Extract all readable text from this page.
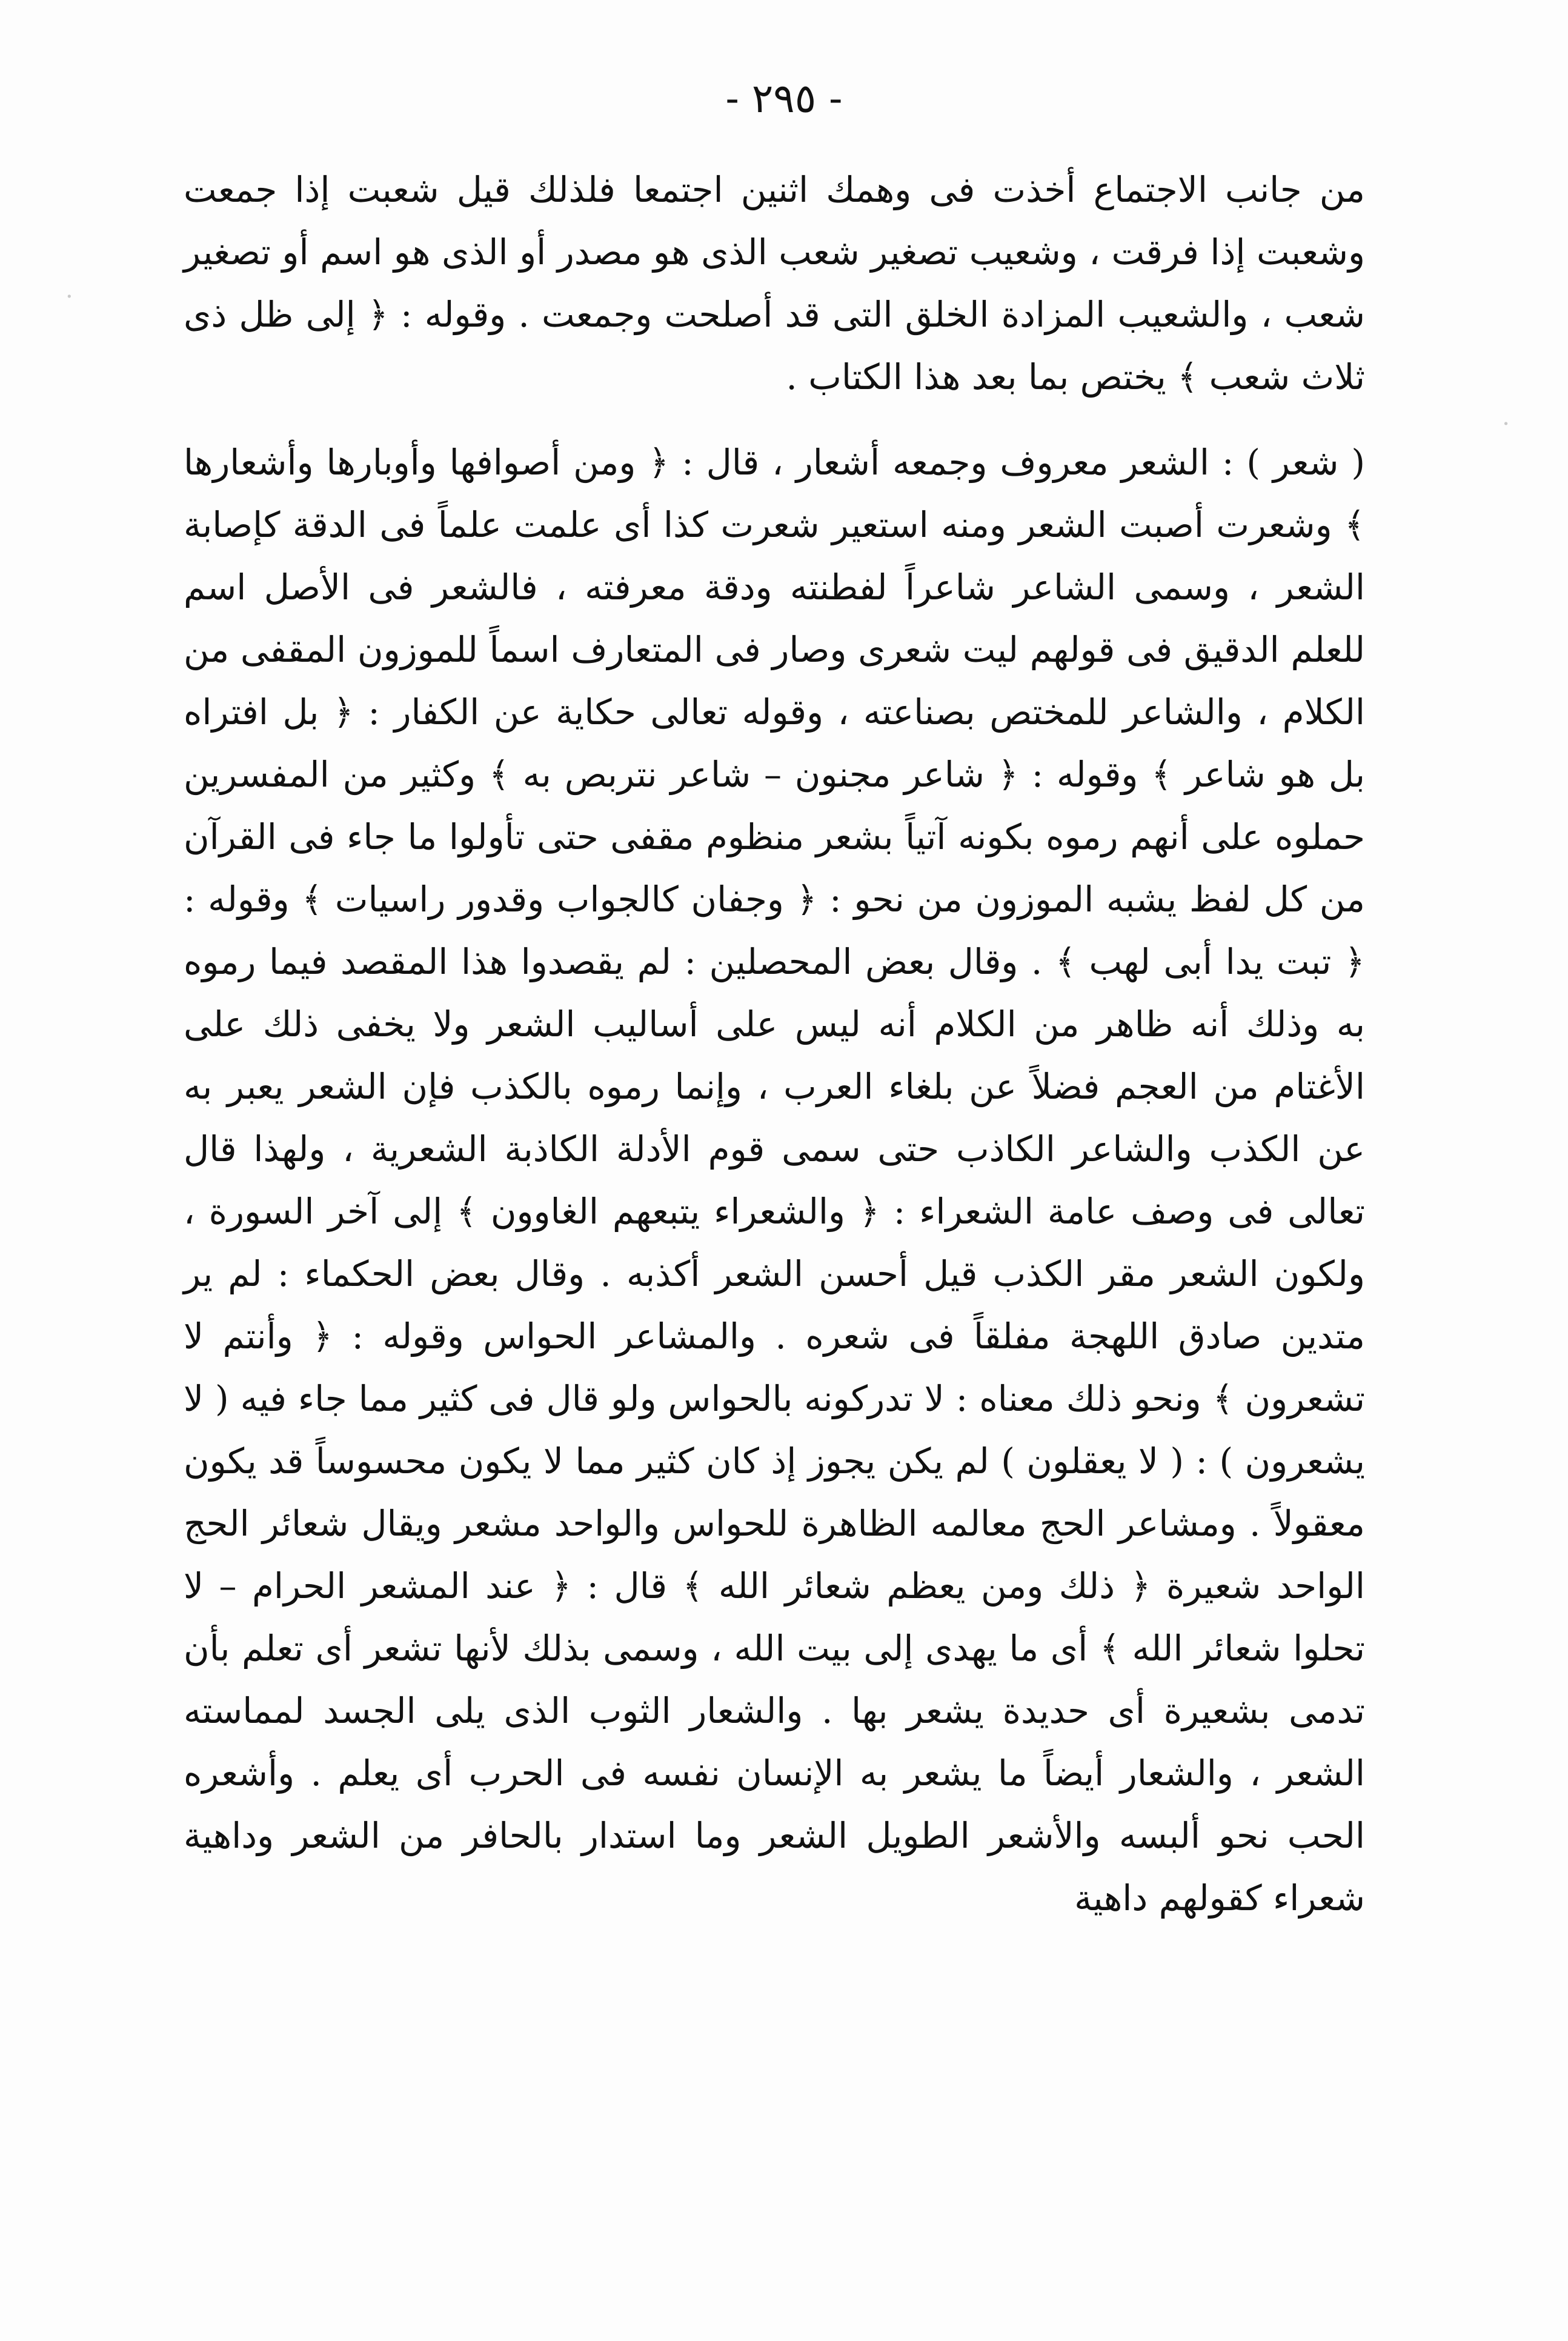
- ٢٩٥ -

من جانب الاجتماع أخذت فى وهمك اثنين اجتمعا فلذلك قيل شعبت إذا جمعت وشعبت إذا فرقت ، وشعيب تصغير شعب الذى هو مصدر أو الذى هو اسم أو تصغير شعب ، والشعيب المزادة الخلق التى قد أصلحت وجمعت . وقوله : ﴿ إلى ظل ذى ثلاث شعب ﴾ يختص بما بعد هذا الكتاب .

( شعر ) : الشعر معروف وجمعه أشعار ، قال : ﴿ ومن أصوافها وأوبارها وأشعارها ﴾ وشعرت أصبت الشعر ومنه استعير شعرت كذا أى علمت علماً فى الدقة كإصابة الشعر ، وسمى الشاعر شاعراً لفطنته ودقة معرفته ، فالشعر فى الأصل اسم للعلم الدقيق فى قولهم ليت شعرى وصار فى المتعارف اسماً للموزون المقفى من الكلام ، والشاعر للمختص بصناعته ، وقوله تعالى حكاية عن الكفار : ﴿ بل افتراه بل هو شاعر ﴾ وقوله : ﴿ شاعر مجنون – شاعر نتربص به ﴾ وكثير من المفسرين حملوه على أنهم رموه بكونه آتياً بشعر منظوم مقفى حتى تأولوا ما جاء فى القرآن من كل لفظ يشبه الموزون من نحو : ﴿ وجفان كالجواب وقدور راسيات ﴾ وقوله : ﴿ تبت يدا أبى لهب ﴾ . وقال بعض المحصلين : لم يقصدوا هذا المقصد فيما رموه به وذلك أنه ظاهر من الكلام أنه ليس على أساليب الشعر ولا يخفى ذلك على الأغتام من العجم فضلاً عن بلغاء العرب ، وإنما رموه بالكذب فإن الشعر يعبر به عن الكذب والشاعر الكاذب حتى سمى قوم الأدلة الكاذبة الشعرية ، ولهذا قال تعالى فى وصف عامة الشعراء : ﴿ والشعراء يتبعهم الغاوون ﴾ إلى آخر السورة ، ولكون الشعر مقر الكذب قيل أحسن الشعر أكذبه . وقال بعض الحكماء : لم ير متدين صادق اللهجة مفلقاً فى شعره . والمشاعر الحواس وقوله : ﴿ وأنتم لا تشعرون ﴾ ونحو ذلك معناه : لا تدركونه بالحواس ولو قال فى كثير مما جاء فيه ( لا يشعرون ) : ( لا يعقلون ) لم يكن يجوز إذ كان كثير مما لا يكون محسوساً قد يكون معقولاً . ومشاعر الحج معالمه الظاهرة للحواس والواحد مشعر ويقال شعائر الحج الواحد شعيرة ﴿ ذلك ومن يعظم شعائر الله ﴾ قال : ﴿ عند المشعر الحرام – لا تحلوا شعائر الله ﴾ أى ما يهدى إلى بيت الله ، وسمى بذلك لأنها تشعر أى تعلم بأن تدمى بشعيرة أى حديدة يشعر بها . والشعار الثوب الذى يلى الجسد لمماسته الشعر ، والشعار أيضاً ما يشعر به الإنسان نفسه فى الحرب أى يعلم . وأشعره الحب نحو ألبسه والأشعر الطويل الشعر وما استدار بالحافر من الشعر وداهية شعراء كقولهم داهية

·
·
